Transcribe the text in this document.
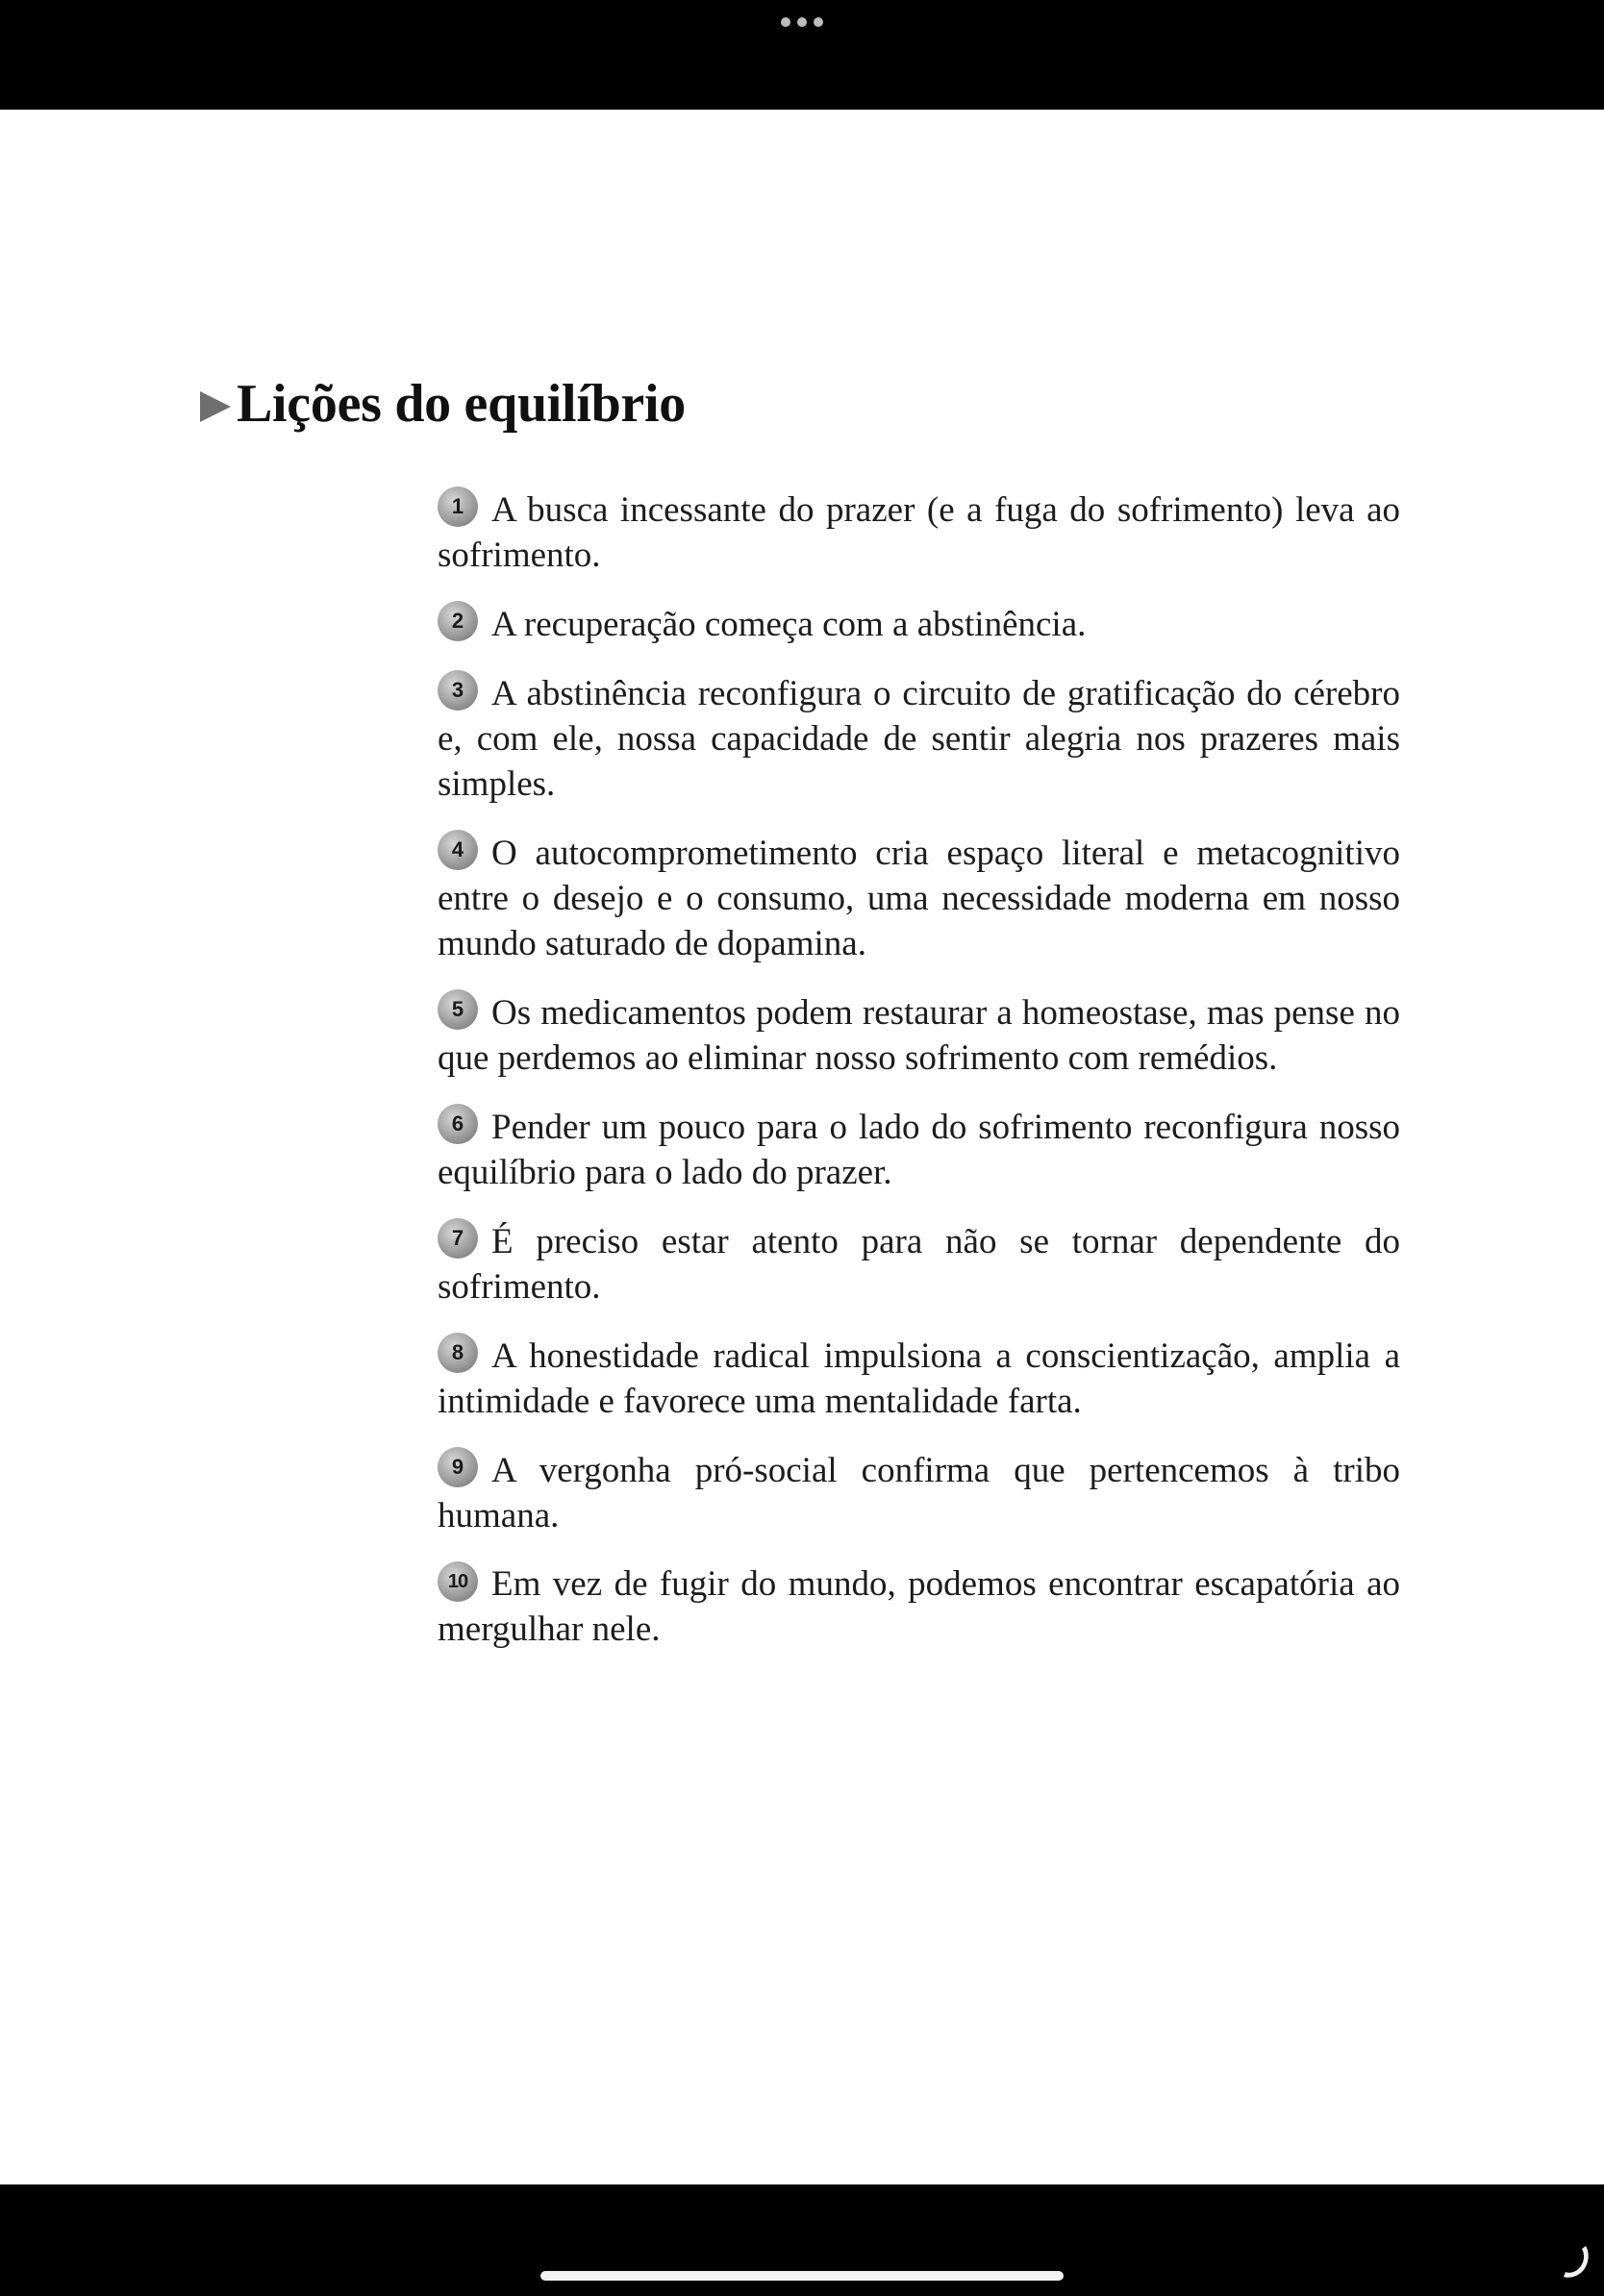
Lições do equilíbrio
1 A busca incessante do prazer (e a fuga do sofrimento) leva ao sofrimento.
2 A recuperação começa com a abstinência.
3 A abstinência reconfigura o circuito de gratificação do cérebro e, com ele, nossa capacidade de sentir alegria nos prazeres mais simples.
4 O autocomprometimento cria espaço literal e metacognitivo entre o desejo e o consumo, uma necessidade moderna em nosso mundo saturado de dopamina.
5 Os medicamentos podem restaurar a homeostase, mas pense no que perdemos ao eliminar nosso sofrimento com remédios.
6 Pender um pouco para o lado do sofrimento reconfigura nosso equilíbrio para o lado do prazer.
7 É preciso estar atento para não se tornar dependente do sofrimento.
8 A honestidade radical impulsiona a conscientização, amplia a intimidade e favorece uma mentalidade farta.
9 A vergonha pró-social confirma que pertencemos à tribo humana.
10 Em vez de fugir do mundo, podemos encontrar escapatória ao mergulhar nele.
